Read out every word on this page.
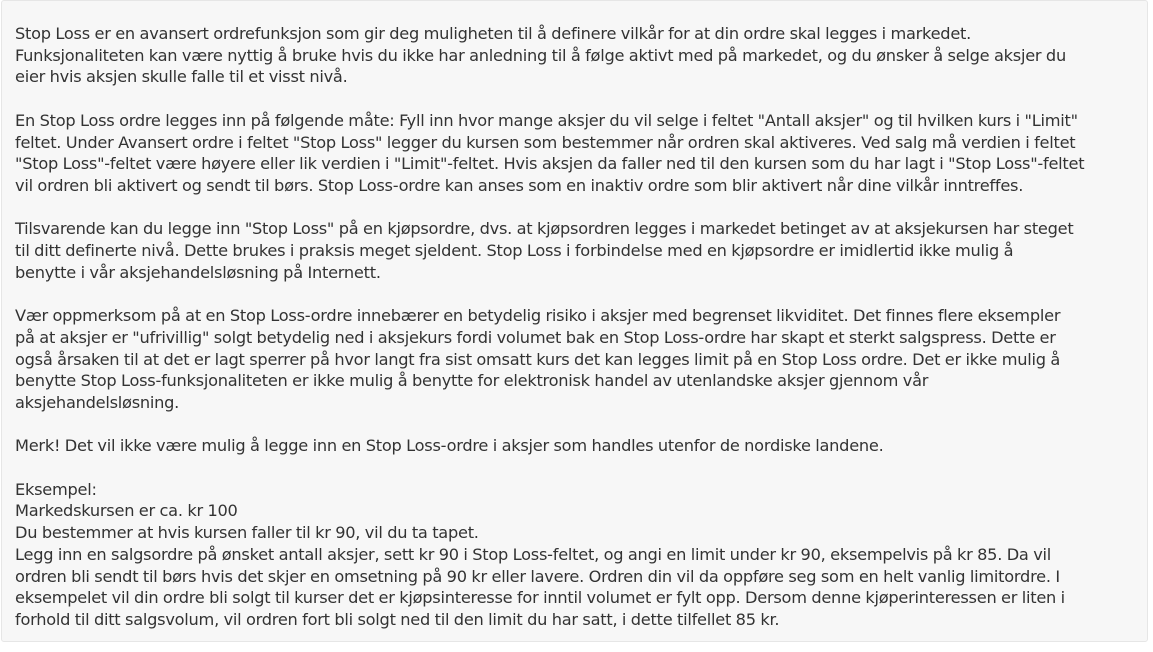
Stop Loss er en avansert ordrefunksjon som gir deg muligheten til å definere vilkår for at din ordre skal legges i markedet.
Funksjonaliteten kan være nyttig å bruke hvis du ikke har anledning til å følge aktivt med på markedet, og du ønsker å selge aksjer du
eier hvis aksjen skulle falle til et visst nivå.

En Stop Loss ordre legges inn på følgende måte: Fyll inn hvor mange aksjer du vil selge i feltet "Antall aksjer" og til hvilken kurs i "Limit"
feltet. Under Avansert ordre i feltet "Stop Loss" legger du kursen som bestemmer når ordren skal aktiveres. Ved salg må verdien i feltet
"Stop Loss"-feltet være høyere eller lik verdien i "Limit"-feltet. Hvis aksjen da faller ned til den kursen som du har lagt i "Stop Loss"-feltet
vil ordren bli aktivert og sendt til børs. Stop Loss-ordre kan anses som en inaktiv ordre som blir aktivert når dine vilkår inntreffes.

Tilsvarende kan du legge inn "Stop Loss" på en kjøpsordre, dvs. at kjøpsordren legges i markedet betinget av at aksjekursen har steget
til ditt definerte nivå. Dette brukes i praksis meget sjeldent. Stop Loss i forbindelse med en kjøpsordre er imidlertid ikke mulig å
benytte i vår aksjehandelsløsning på Internett.

Vær oppmerksom på at en Stop Loss-ordre innebærer en betydelig risiko i aksjer med begrenset likviditet. Det finnes flere eksempler
på at aksjer er "ufrivillig" solgt betydelig ned i aksjekurs fordi volumet bak en Stop Loss-ordre har skapt et sterkt salgspress. Dette er
også årsaken til at det er lagt sperrer på hvor langt fra sist omsatt kurs det kan legges limit på en Stop Loss ordre. Det er ikke mulig å
benytte Stop Loss-funksjonaliteten er ikke mulig å benytte for elektronisk handel av utenlandske aksjer gjennom vår
aksjehandelsløsning.

Merk! Det vil ikke være mulig å legge inn en Stop Loss-ordre i aksjer som handles utenfor de nordiske landene.

Eksempel:
Markedskursen er ca. kr 100
Du bestemmer at hvis kursen faller til kr 90, vil du ta tapet.
Legg inn en salgsordre på ønsket antall aksjer, sett kr 90 i Stop Loss-feltet, og angi en limit under kr 90, eksempelvis på kr 85. Da vil
ordren bli sendt til børs hvis det skjer en omsetning på 90 kr eller lavere. Ordren din vil da oppføre seg som en helt vanlig limitordre. I
eksempelet vil din ordre bli solgt til kurser det er kjøpsinteresse for inntil volumet er fylt opp. Dersom denne kjøperinteressen er liten i
forhold til ditt salgsvolum, vil ordren fort bli solgt ned til den limit du har satt, i dette tilfellet 85 kr.
